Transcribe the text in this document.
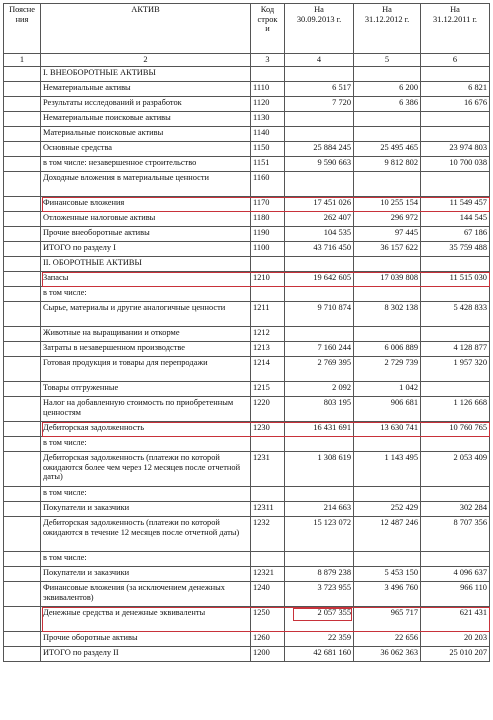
Поясне
ния	АКТИВ	Код
строк
и	На
30.09.2013 г.	На
31.12.2012 г.	На
31.12.2011 г.
1	2	3	4	5	6
	I. ВНЕОБОРОТНЫЕ АКТИВЫ				
	Нематериальные активы	1110	6 517	6 200	6 821
	Результаты исследований и разработок	1120	7 720	6 386	16 676
	Нематериальные поисковые активы	1130			
	Материальные поисковые активы	1140			
	Основные средства	1150	25 884 245	25 495 465	23 974 803
	в том числе: незавершенное строительство	1151	9 590 663	9 812 802	10 700 038
	Доходные вложения в материальные ценности	1160			
	Финансовые вложения	1170	17 451 026	10 255 154	11 549 457
	Отложенные налоговые активы	1180	262 407	296 972	144 545
	Прочие внеоборотные активы	1190	104 535	97 445	67 186
	ИТОГО по разделу I	1100	43 716 450	36 157 622	35 759 488
	II. ОБОРОТНЫЕ АКТИВЫ				
	Запасы	1210	19 642 605	17 039 808	11 515 030
	в том числе:				
	Сырье, материалы и другие аналогичные ценности	1211	9 710 874	8 302 138	5 428 833
	Животные на выращивании и откорме	1212			
	Затраты в незавершенном производстве	1213	7 160 244	6 006 889	4 128 877
	Готовая продукция и товары для перепродажи	1214	2 769 395	2 729 739	1 957 320
	Товары отгруженные	1215	2 092	1 042	
	Налог на добавленную стоимость по приобретенным ценностям	1220	803 195	906 681	1 126 668
	Дебиторская задолженность	1230	16 431 691	13 630 741	10 760 765
	в том числе:				
	Дебиторская задолженность (платежи по которой ожидаются более чем через 12 месяцев после отчетной даты)	1231	1 308 619	1 143 495	2 053 409
	в том числе:				
	Покупатели и заказчики	12311	214 663	252 429	302 284
	Дебиторская задолженность (платежи по которой ожидаются в течение 12 месяцев после отчетной даты)	1232	15 123 072	12 487 246	8 707 356
	в том числе:				
	Покупатели и заказчики	12321	8 879 238	5 453 150	4 096 637
	Финансовые вложения (за исключением денежных эквивалентов)	1240	3 723 955	3 496 760	966 110
	Денежные средства и денежные эквиваленты	1250	2 057 355	965 717	621 431
	Прочие оборотные активы	1260	22 359	22 656	20 203
	ИТОГО по разделу II	1200	42 681 160	36 062 363	25 010 207
